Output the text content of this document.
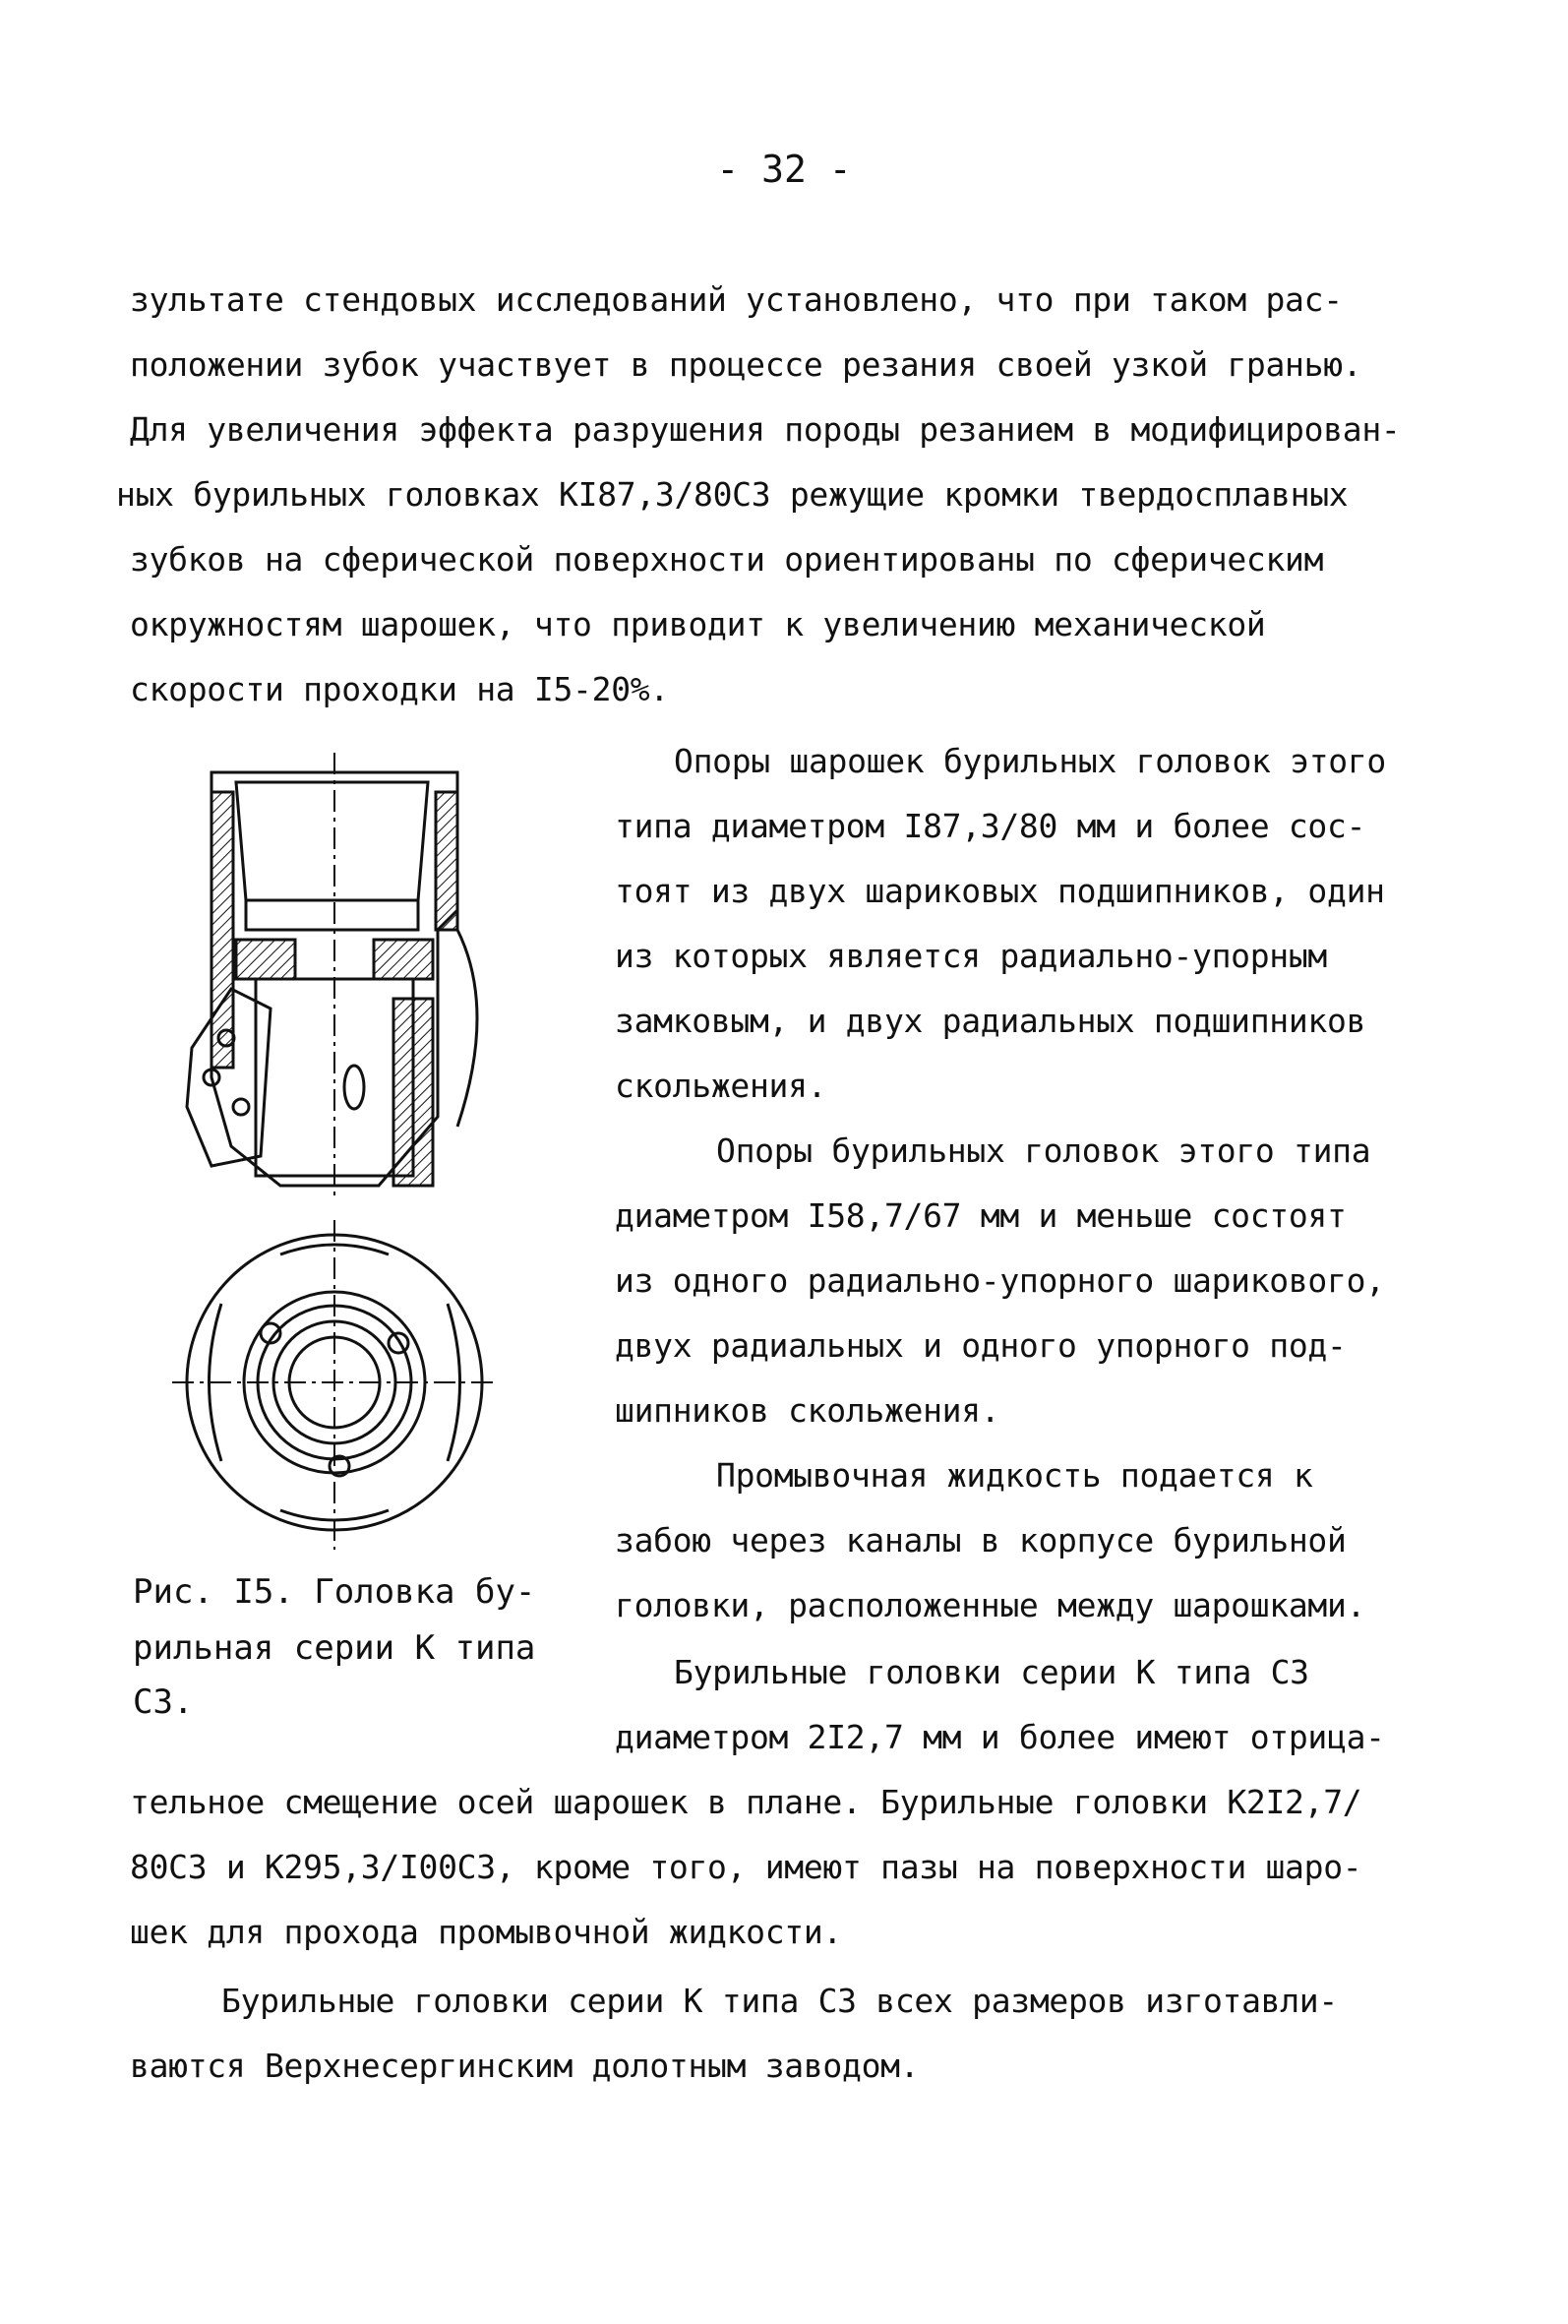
- 32 -
зультате стендовых исследований установлено, что при таком рас-
положении зубок участвует в процессе резания своей узкой гранью.
Для увеличения эффекта разрушения породы резанием в модифицирован-
ных бурильных головках КI87,3/80СЗ режущие кромки твердосплавных
зубков на сферической поверхности ориентированы по сферическим
окружностям шарошек, что приводит к увеличению механической
скорости проходки на I5-20%.
Опоры шарошек бурильных головок этого
типа диаметром I87,3/80 мм и более сос-
тоят из двух шариковых подшипников, один
из которых является радиально-упорным
замковым, и двух радиальных подшипников
скольжения.
Опоры бурильных головок этого типа
диаметром I58,7/67 мм и меньше состоят
из одного радиально-упорного шарикового,
двух радиальных и одного упорного под-
шипников скольжения.
Промывочная жидкость подается к
забою через каналы в корпусе бурильной
головки, расположенные между шарошками.
Бурильные головки серии К типа СЗ
диаметром 2I2,7 мм и более имеют отрица-
тельное смещение осей шарошек в плане. Бурильные головки К2I2,7/
80СЗ и К295,3/I00СЗ, кроме того, имеют пазы на поверхности шаро-
шек для прохода промывочной жидкости.
Бурильные головки серии К типа СЗ всех размеров изготавли-
ваются Верхнесергинским долотным заводом.
Рис. I5. Головка бу-
рильная серии К типа
СЗ.
